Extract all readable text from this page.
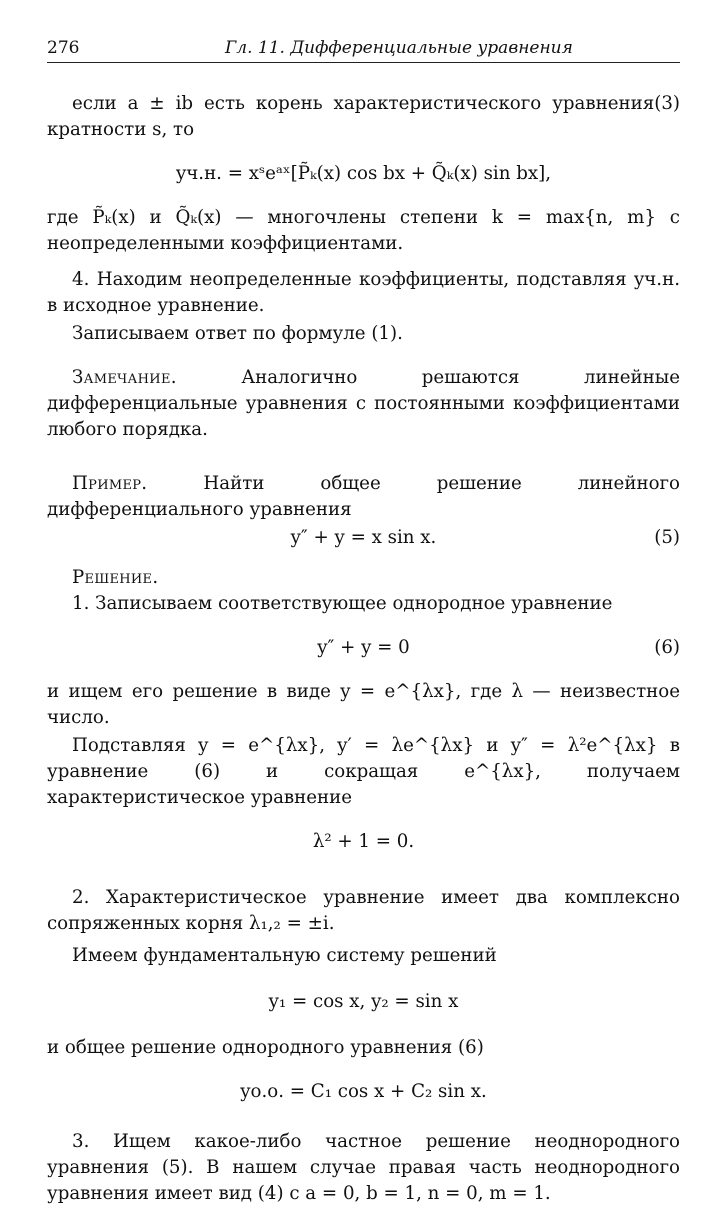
276	Гл. 11. Дифференциальные уравнения

если a ± ib есть корень характеристического уравнения(3) кратности s, то

yч.н. = xˢeᵃˣ[P̃ₖ(x) cos bx + Q̃ₖ(x) sin bx],

где P̃ₖ(x) и Q̃ₖ(x) — многочлены степени k = max{n, m} с неопределенными коэффициентами.

4. Находим неопределенные коэффициенты, подставляя yч.н. в исходное уравнение.

Записываем ответ по формуле (1).

Замечание.	Аналогично решаются линейные дифференциальные уравнения с постоянными коэффициентами любого порядка.

Пример.	Найти общее решение линейного дифференциального уравнения

y″ + y = x sin x.	(5)

Решение.

1. Записываем соответствующее однородное уравнение

y″ + y = 0	(6)

и ищем его решение в виде y = e^{λx}, где λ — неизвестное число.

Подставляя y = e^{λx}, y′ = λe^{λx} и y″ = λ²e^{λx} в уравнение (6) и сокращая e^{λx}, получаем характеристическое уравнение

λ² + 1 = 0.

2. Характеристическое уравнение имеет два комплексно сопряженных корня λ₁,₂ = ±i.

Имеем фундаментальную систему решений

y₁ = cos x, y₂ = sin x

и общее решение однородного уравнения (6)

yо.о. = C₁ cos x + C₂ sin x.

3. Ищем какое-либо частное решение неоднородного уравнения (5). В нашем случае правая часть неоднородного уравнения имеет вид (4) с a = 0, b = 1, n = 0, m = 1.
